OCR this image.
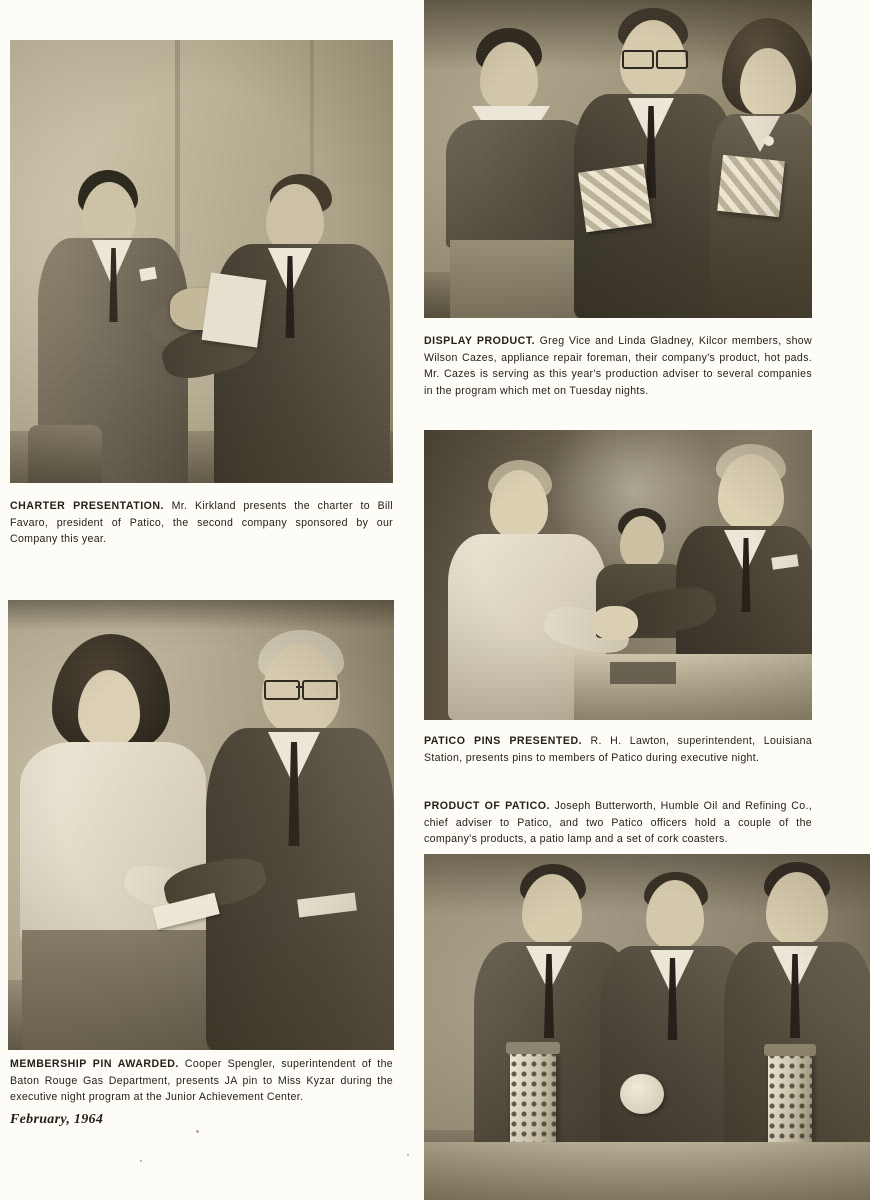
CHARTER PRESENTATION. Mr. Kirkland presents the charter to Bill Favaro, president of Patico, the second company sponsored by our Company this year.
MEMBERSHIP PIN AWARDED. Cooper Spengler, superintendent of the Baton Rouge Gas Department, presents JA pin to Miss Kyzar during the executive night program at the Junior Achievement Center.
February, 1964
DISPLAY PRODUCT. Greg Vice and Linda Gladney, Kilcor members, show Wilson Cazes, appliance repair foreman, their company's product, hot pads. Mr. Cazes is serving as this year's production adviser to several companies in the program which met on Tuesday nights.
PATICO PINS PRESENTED. R. H. Lawton, superintendent, Louisiana Station, presents pins to members of Patico during executive night.
PRODUCT OF PATICO. Joseph Butterworth, Humble Oil and Refining Co., chief adviser to Patico, and two Patico officers hold a couple of the company's products, a patio lamp and a set of cork coasters.
